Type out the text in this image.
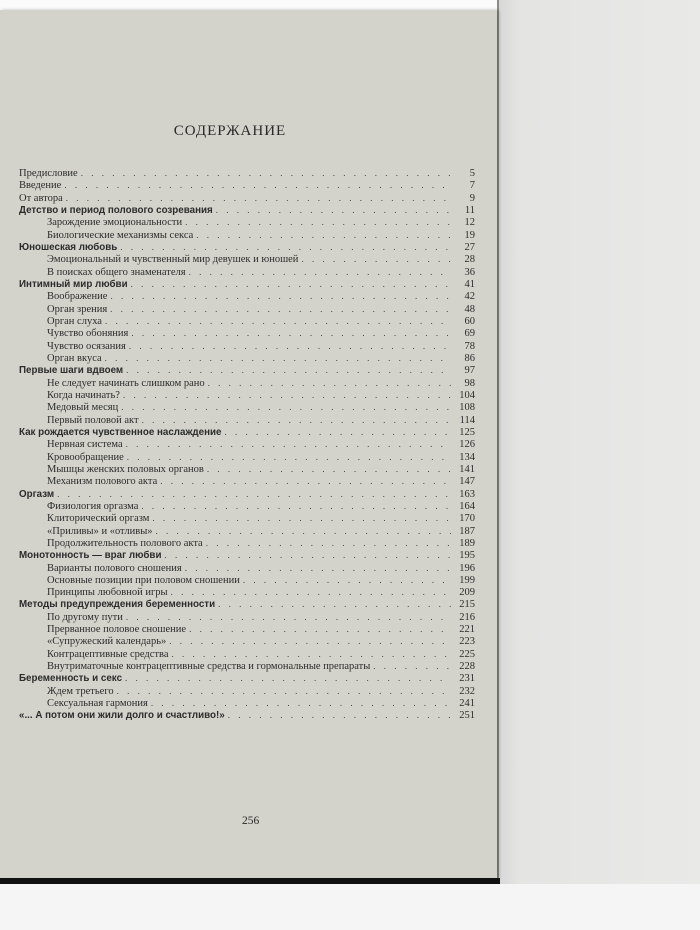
СОДЕРЖАНИЕ
Предисловие . . .	5
Введение . . .	7
От автора . . .	9
Детство и период полового созревания . . .	11
Зарождение эмоциональности . . .	12
Биологические механизмы секса . . .	19
Юношеская любовь . . .	27
Эмоциональный и чувственный мир девушек и юношей . . .	28
В поисках общего знаменателя . . .	36
Интимный мир любви . . .	41
Воображение . . .	42
Орган зрения . . .	48
Орган слуха . . .	60
Чувство обоняния . . .	69
Чувство осязания . . .	78
Орган вкуса . . .	86
Первые шаги вдвоем . . .	97
Не следует начинать слишком рано . . .	98
Когда начинать? . . .	104
Медовый месяц . . .	108
Первый половой акт . . .	114
Как рождается чувственное наслаждение . . .	125
Нервная система . . .	126
Кровообращение . . .	134
Мышцы женских половых органов . . .	141
Механизм полового акта . . .	147
Оргазм . . .	163
Физиология оргазма . . .	164
Клиторический оргазм . . .	170
«Приливы» и «отливы» . . .	187
Продолжительность полового акта . . .	189
Монотонность — враг любви . . .	195
Варианты полового сношения . . .	196
Основные позиции при половом сношении . . .	199
Принципы любовной игры . . .	209
Методы предупреждения беременности . . .	215
По другому пути . . .	216
Прерванное половое сношение . . .	221
«Супружеский календарь» . . .	223
Контрацептивные средства . . .	225
Внутриматочные контрацептивные средства и гормональные препараты . . .	228
Беременность и секс . . .	231
Ждем третьего . . .	232
Сексуальная гармония . . .	241
«... А потом они жили долго и счастливо!» . . .	251
256
